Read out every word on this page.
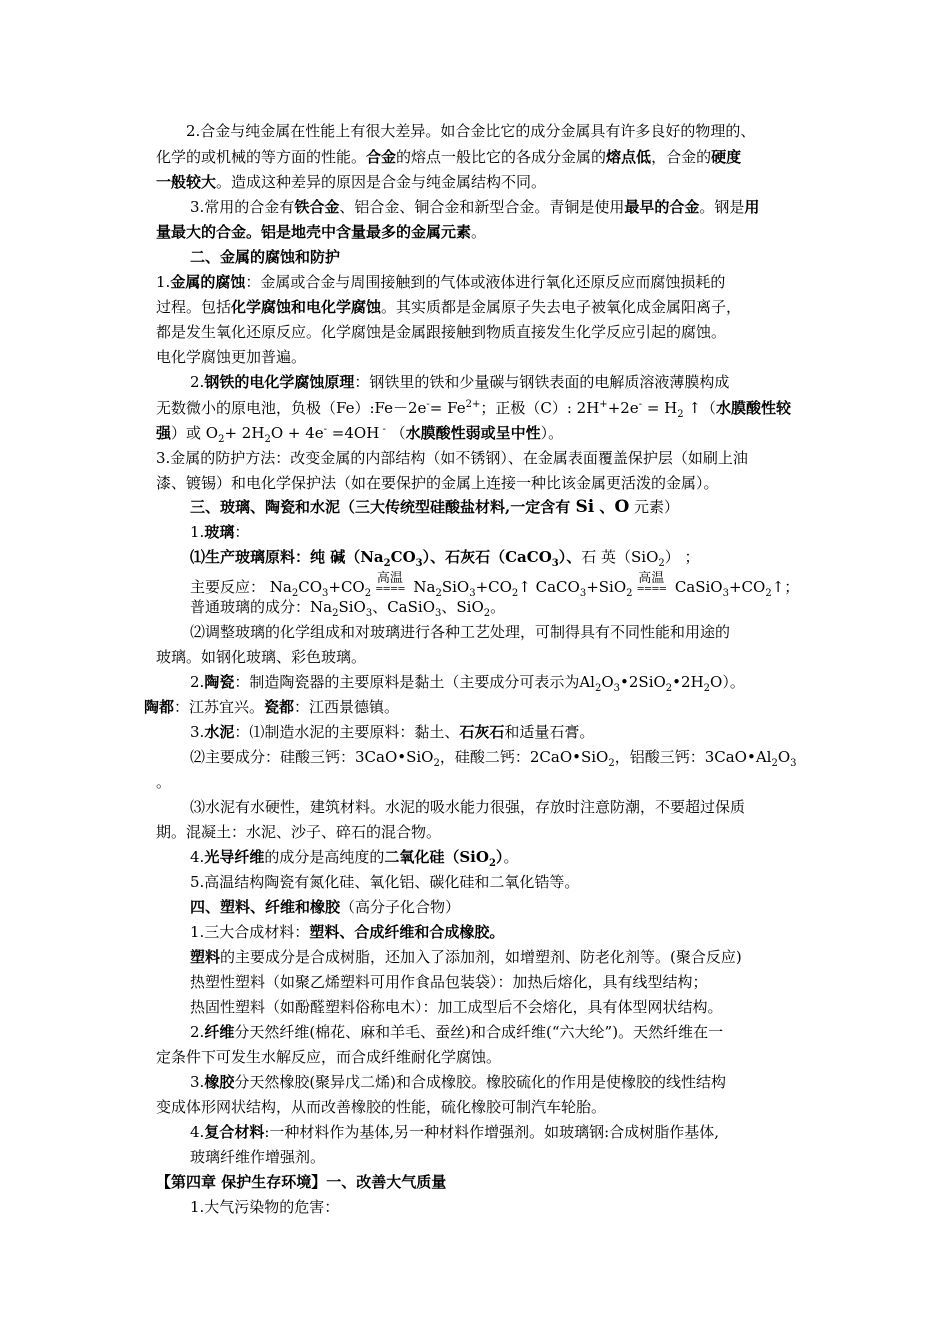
2.合金与纯金属在性能上有很大差异。如合金比它的成分金属具有许多良好的物理的、
化学的或机械的等方面的性能。合金的熔点一般比它的各成分金属的熔点低，合金的硬度
一般较大。造成这种差异的原因是合金与纯金属结构不同。
3.常用的合金有铁合金、铝合金、铜合金和新型合金。青铜是使用最早的合金。钢是用
量最大的合金。铝是地壳中含量最多的金属元素。
二、金属的腐蚀和防护
1.金属的腐蚀：金属或合金与周围接触到的气体或液体进行氧化还原反应而腐蚀损耗的
过程。包括化学腐蚀和电化学腐蚀。其实质都是金属原子失去电子被氧化成金属阳离子，
都是发生氧化还原反应。化学腐蚀是金属跟接触到物质直接发生化学反应引起的腐蚀。
电化学腐蚀更加普遍。
2.钢铁的电化学腐蚀原理：钢铁里的铁和少量碳与钢铁表面的电解质溶液薄膜构成
无数微小的原电池，负极（Fe）:Fe－2e-= $Fe^{2+}$；正极（C）: $2H^++2e^- = H_2$ ↑（水膜酸性较
强）或 $O_2+ 2H_2O + 4e^- =4OH$ - （水膜酸性弱或呈中性）。
3.金属的防护方法：改变金属的内部结构（如不锈钢）、在金属表面覆盖保护层（如刷上油
漆、镀锡）和电化学保护法（如在要保护的金属上连接一种比该金属更活泼的金属）。
三、玻璃、陶瓷和水泥（三大传统型硅酸盐材料,一定含有 Si 、O 元素）
1.玻璃：
⑴生产玻璃原料：纯 碱$(Na_2CO_3)$、石灰石（CaCO$_3$）、石 英（SiO$_2$） ；
主要反应： $Na_2CO_3+CO_2$
高温
==== $Na_2SiO_3+CO_2↑$ CaCO$_3$+SiO$_2$
高温
==== $CaSiO_3+CO_2↑$；
普通玻璃的成分：$Na_2SiO_3$、CaSiO$_3$、SiO$_2$。
⑵调整玻璃的化学组成和对玻璃进行各种工艺处理，可制得具有不同性能和用途的
玻璃。如钢化玻璃、彩色玻璃。
2.陶瓷：制造陶瓷器的主要原料是黏土（主要成分可表示为$Al_2O_3•2SiO_2•2H_2O$）。
陶都：江苏宜兴。瓷都：江西景德镇。
3.水泥：⑴制造水泥的主要原料：黏土、石灰石和适量石膏。
⑵主要成分：硅酸三钙：3CaO•SiO$_2$，硅酸二钙：2CaO•SiO$_2$，铝酸三钙：$3CaO•Al_2O_3$
。
⑶水泥有水硬性，建筑材料。水泥的吸水能力很强，存放时注意防潮，不要超过保质
期。混凝土：水泥、沙子、碎石的混合物。
4.光导纤维的成分是高纯度的二氧化硅（SiO$_2$）。
5.高温结构陶瓷有氮化硅、氧化铝、碳化硅和二氧化锆等。
四、塑料、纤维和橡胶（高分子化合物）
1.三大合成材料：塑料、合成纤维和合成橡胶。
塑料的主要成分是合成树脂，还加入了添加剂，如增塑剂、防老化剂等。(聚合反应)
热塑性塑料（如聚乙烯塑料可用作食品包装袋）：加热后熔化，具有线型结构；
热固性塑料（如酚醛塑料俗称电木）：加工成型后不会熔化，具有体型网状结构。
2.纤维分天然纤维(棉花、麻和羊毛、蚕丝)和合成纤维(“六大纶”)。天然纤维在一
定条件下可发生水解反应，而合成纤维耐化学腐蚀。
3.橡胶分天然橡胶(聚异戊二烯)和合成橡胶。橡胶硫化的作用是使橡胶的线性结构
变成体形网状结构，从而改善橡胶的性能，硫化橡胶可制汽车轮胎。
4.复合材料:一种材料作为基体,另一种材料作增强剂。如玻璃钢:合成树脂作基体,
玻璃纤维作增强剂。
【第四章 保护生存环境】一、改善大气质量
1.大气污染物的危害：
